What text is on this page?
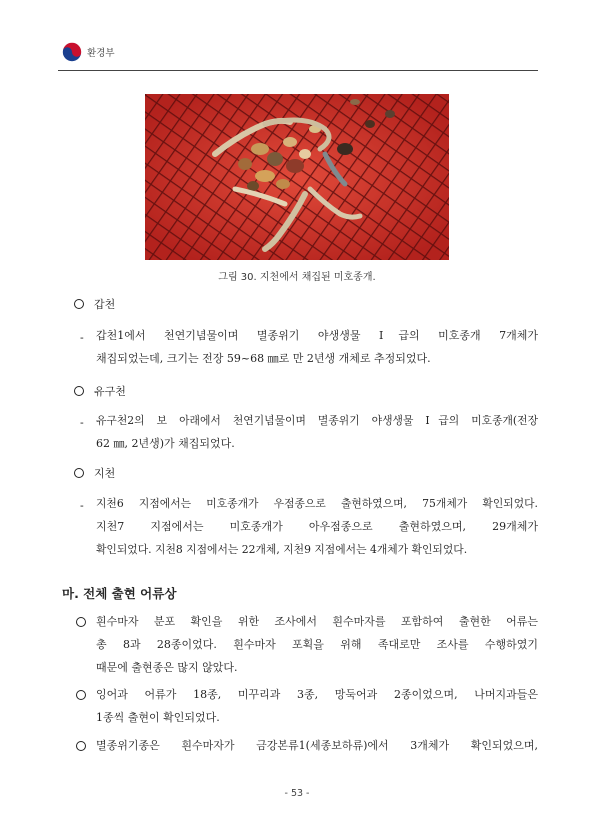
환경부
그림 30. 지천에서 채집된 미호종개.
갑천
- 갑천1에서 천연기념물이며 멸종위기 야생생물 Ⅰ급의 미호종개 7개체가
채집되었는데, 크기는 전장 59~68 ㎜로 만 2년생 개체로 추정되었다.
유구천
- 유구천2의 보 아래에서 천연기념물이며 멸종위기 야생생물 Ⅰ급의 미호종개(전장
62 ㎜, 2년생)가 채집되었다.
지천
- 지천6 지점에서는 미호종개가 우점종으로 출현하였으며, 75개체가 확인되었다.
지천7 지점에서는 미호종개가 아우점종으로 출현하였으며, 29개체가
확인되었다. 지천8 지점에서는 22개체, 지천9 지점에서는 4개체가 확인되었다.
마. 전체 출현 어류상
흰수마자 분포 확인을 위한 조사에서 흰수마자를 포함하여 출현한 어류는
총 8과 28종이었다. 흰수마자 포획을 위해 족대로만 조사를 수행하였기
때문에 출현종은 많지 않았다.
잉어과 어류가 18종, 미꾸리과 3종, 망둑어과 2종이었으며, 나머지과들은
1종씩 출현이 확인되었다.
멸종위기종은 흰수마자가 금강본류1(세종보하류)에서 3개체가 확인되었으며,
- 53 -
